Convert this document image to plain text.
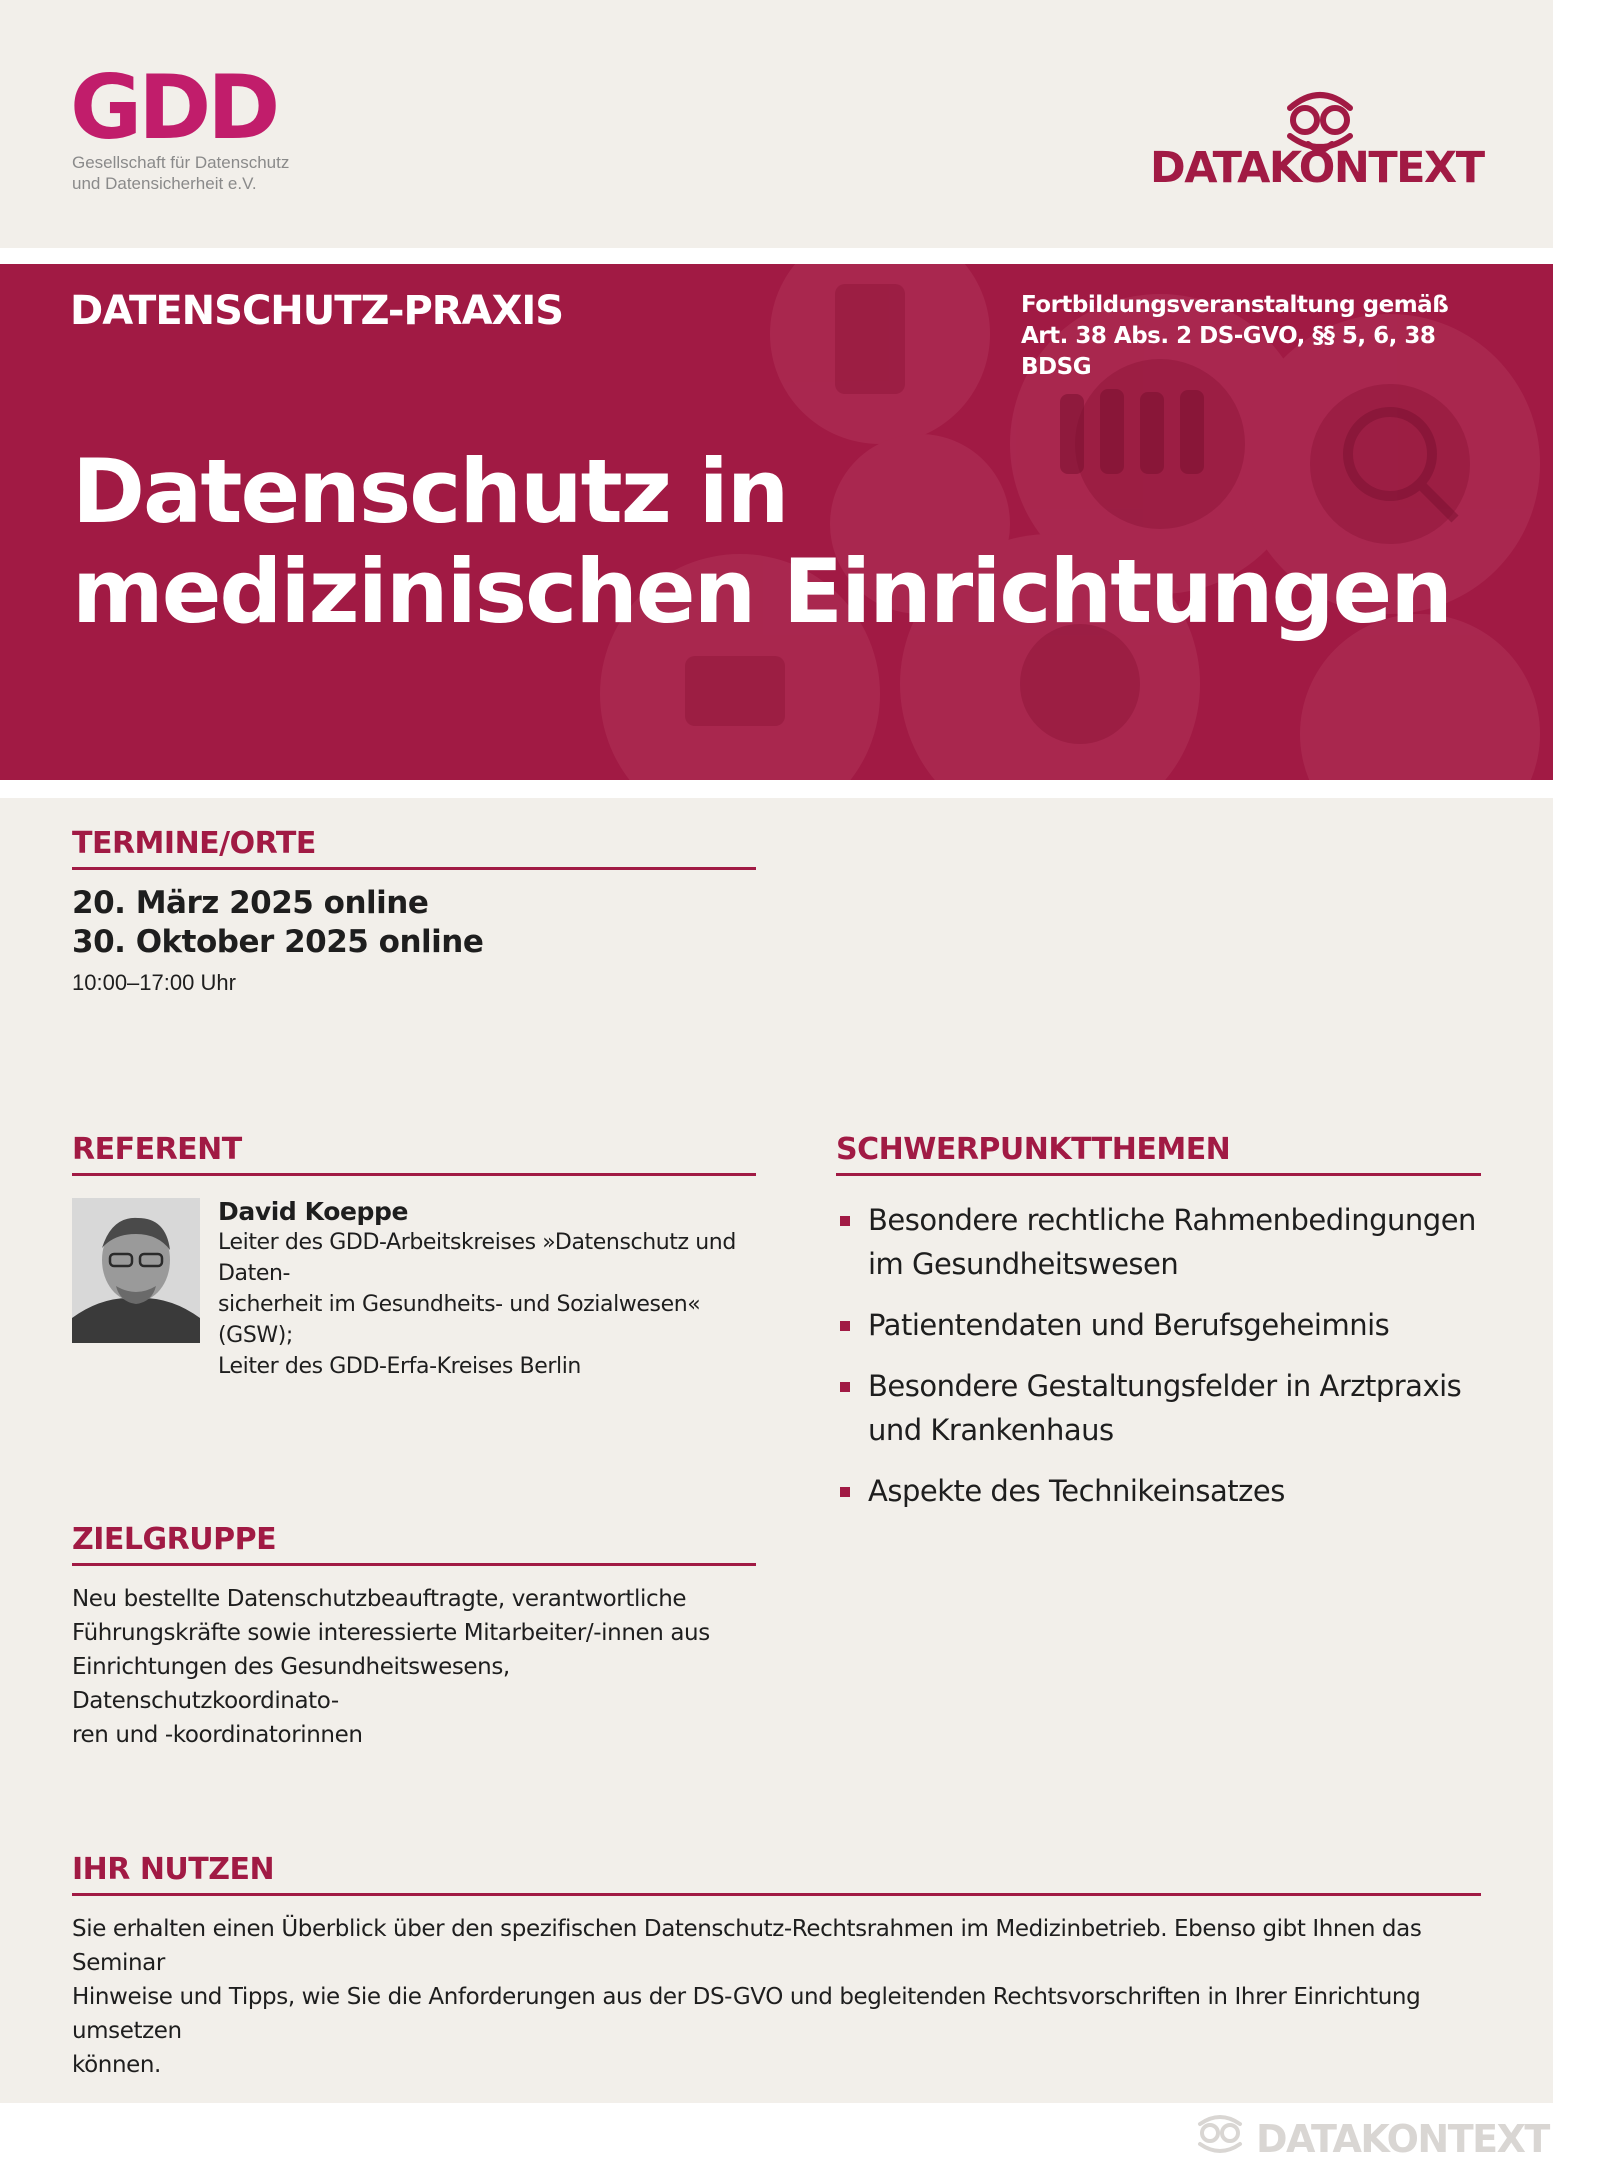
GDD
Gesellschaft für Datenschutz
und Datensicherheit e.V.	DATAKONTEXT
DATENSCHUTZ-PRAXIS	Fortbildungsveranstaltung gemäß
Art. 38 Abs. 2 DS-GVO, §§ 5, 6, 38 BDSG
Datenschutz in
medizinischen Einrichtungen
TERMINE/ORTE
20. März 2025 online
30. Oktober 2025 online
10:00–17:00 Uhr
REFERENT
David Koeppe
Leiter des GDD-Arbeitskreises »Datenschutz und Daten-
sicherheit im Gesundheits- und Sozialwesen« (GSW);
Leiter des GDD-Erfa-Kreises Berlin
SCHWERPUNKTTHEMEN
Besondere rechtliche Rahmenbedingungen
im Gesundheitswesen
Patientendaten und Berufsgeheimnis
Besondere Gestaltungsfelder in Arztpraxis
und Krankenhaus
Aspekte des Technikeinsatzes
ZIELGRUPPE
Neu bestellte Datenschutzbeauftragte, verantwortliche
Führungskräfte sowie interessierte Mitarbeiter/-innen aus
Einrichtungen des Gesundheitswesens, Datenschutzkoordinato-
ren und -koordinatorinnen
IHR NUTZEN
Sie erhalten einen Überblick über den spezifischen Datenschutz-Rechtsrahmen im Medizinbetrieb. Ebenso gibt Ihnen das Seminar
Hinweise und Tipps, wie Sie die Anforderungen aus der DS-GVO und begleitenden Rechtsvorschriften in Ihrer Einrichtung umsetzen
können.
DATAKONTEXT
